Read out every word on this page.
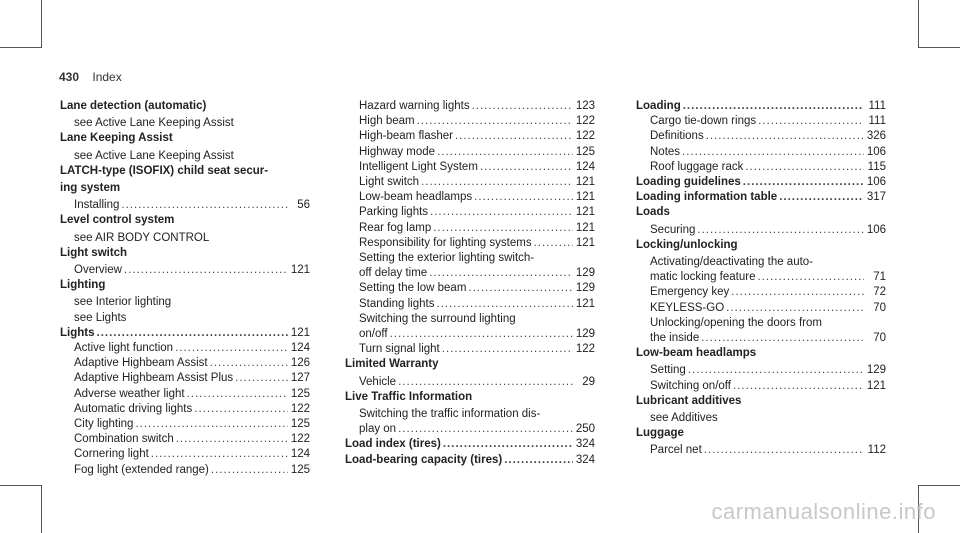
430 Index
Lane detection (automatic)
see Active Lane Keeping Assist
Lane Keeping Assist
see Active Lane Keeping Assist
LATCH-type (ISOFIX) child seat secur-
ing system
Installing .....	56
Level control system
see AIR BODY CONTROL
Light switch
Overview .....	121
Lighting
see Interior lighting
see Lights
Lights .....	121
Active light function .....	124
Adaptive Highbeam Assist .....	126
Adaptive Highbeam Assist Plus .....	127
Adverse weather light .....	125
Automatic driving lights .....	122
City lighting .....	125
Combination switch .....	122
Cornering light .....	124
Fog light (extended range) .....	125
Hazard warning lights .....	123
High beam .....	122
High-beam flasher .....	122
Highway mode .....	125
Intelligent Light System .....	124
Light switch .....	121
Low-beam headlamps .....	121
Parking lights .....	121
Rear fog lamp .....	121
Responsibility for lighting systems .....	121
Setting the exterior lighting switch-
off delay time .....	129
Setting the low beam .....	129
Standing lights .....	121
Switching the surround lighting
on/off .....	129
Turn signal light .....	122
Limited Warranty
Vehicle .....	29
Live Traffic Information
Switching the traffic information dis-
play on .....	250
Load index (tires) .....	324
Load-bearing capacity (tires) .....	324
Loading .....	111
Cargo tie-down rings .....	111
Definitions .....	326
Notes .....	106
Roof luggage rack .....	115
Loading guidelines .....	106
Loading information table .....	317
Loads
Securing .....	106
Locking/unlocking
Activating/deactivating the auto-
matic locking feature .....	71
Emergency key .....	72
KEYLESS-GO .....	70
Unlocking/opening the doors from
the inside .....	70
Low-beam headlamps
Setting .....	129
Switching on/off .....	121
Lubricant additives
see Additives
Luggage
Parcel net .....	112
carmanualsonline.info
